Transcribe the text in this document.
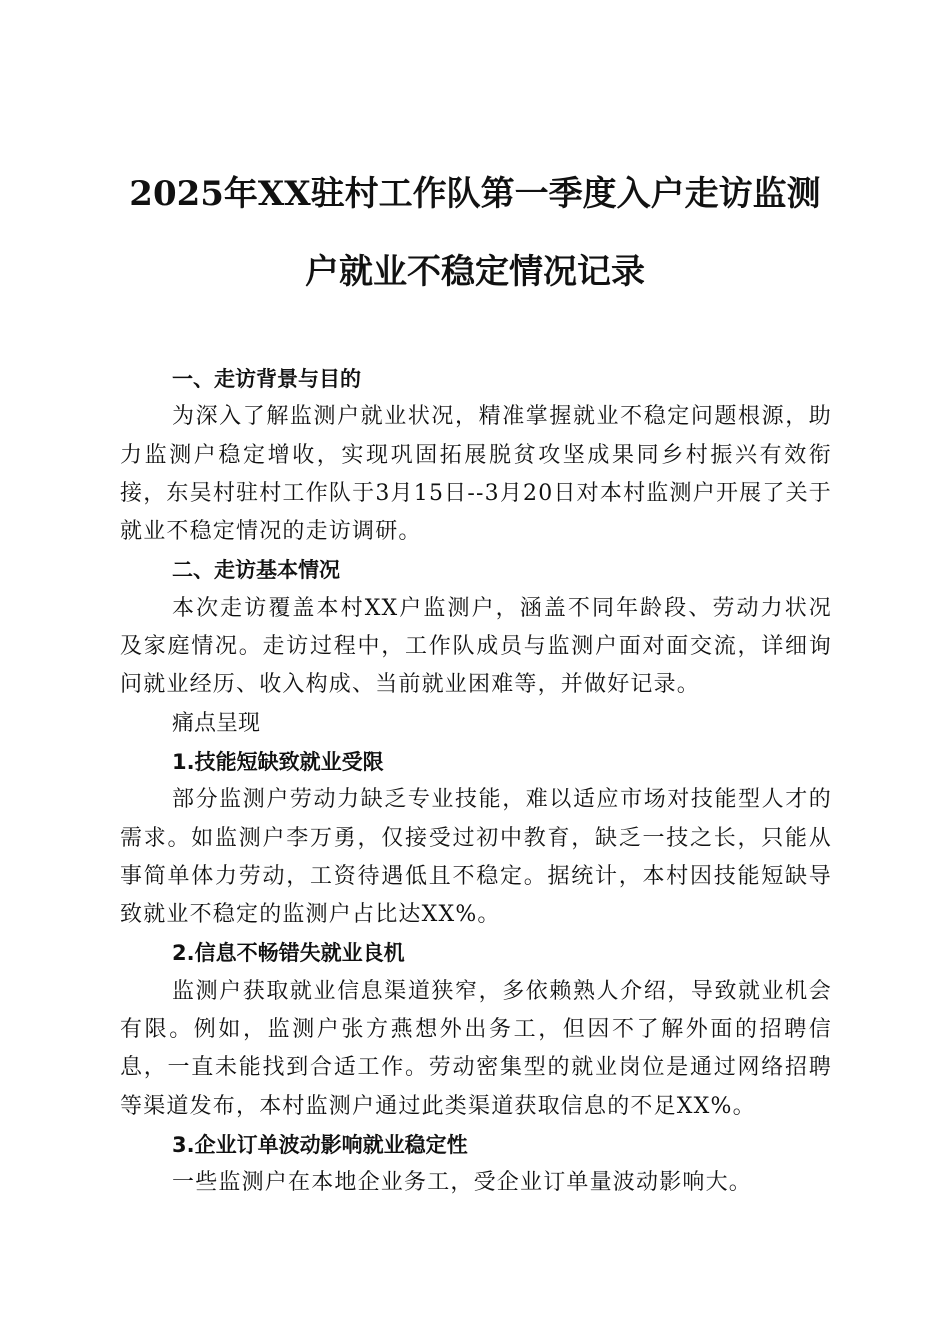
2025年XX驻村工作队第一季度入户走访监测
户就业不稳定情况记录

一、走访背景与目的

为深入了解监测户就业状况，精准掌握就业不稳定问题根源，助力监测户稳定增收，实现巩固拓展脱贫攻坚成果同乡村振兴有效衔接，东吴村驻村工作队于3月15日--3月20日对本村监测户开展了关于就业不稳定情况的走访调研。

二、走访基本情况

本次走访覆盖本村XX户监测户，涵盖不同年龄段、劳动力状况及家庭情况。走访过程中，工作队成员与监测户面对面交流，详细询问就业经历、收入构成、当前就业困难等，并做好记录。

痛点呈现

1.技能短缺致就业受限

部分监测户劳动力缺乏专业技能，难以适应市场对技能型人才的需求。如监测户李万勇，仅接受过初中教育，缺乏一技之长，只能从事简单体力劳动，工资待遇低且不稳定。据统计，本村因技能短缺导致就业不稳定的监测户占比达XX%。

2.信息不畅错失就业良机

监测户获取就业信息渠道狭窄，多依赖熟人介绍，导致就业机会有限。例如，监测户张方燕想外出务工，但因不了解外面的招聘信息，一直未能找到合适工作。劳动密集型的就业岗位是通过网络招聘等渠道发布，本村监测户通过此类渠道获取信息的不足XX%。

3.企业订单波动影响就业稳定性

一些监测户在本地企业务工，受企业订单量波动影响大。
